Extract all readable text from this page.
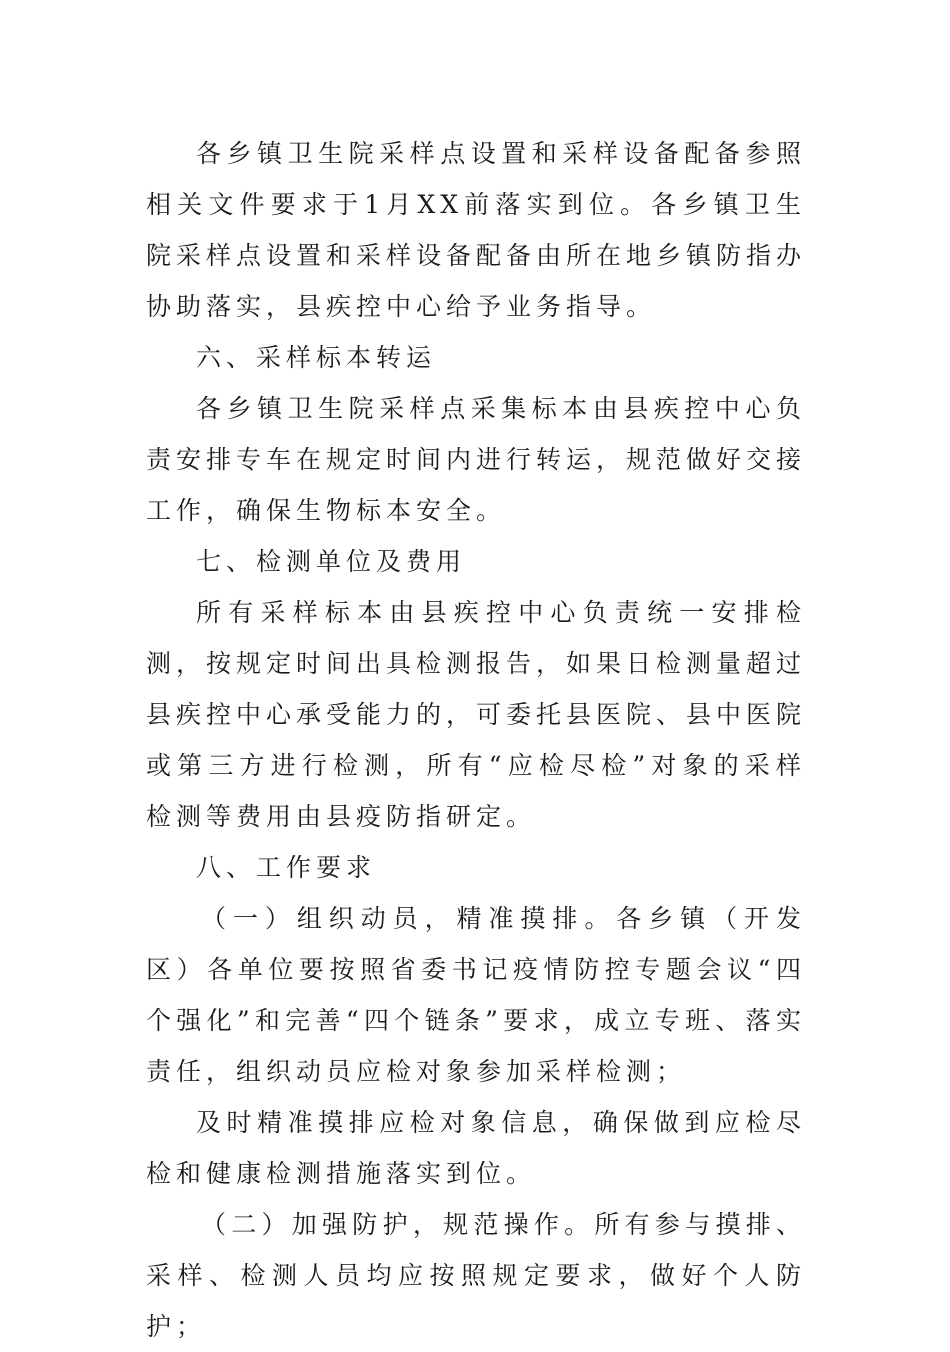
各乡镇卫生院采样点设置和采样设备配备参照相关文件要求于1月XX前落实到位。各乡镇卫生院采样点设置和采样设备配备由所在地乡镇防指办协助落实，县疾控中心给予业务指导。

六、采样标本转运

各乡镇卫生院采样点采集标本由县疾控中心负责安排专车在规定时间内进行转运，规范做好交接工作，确保生物标本安全。

七、检测单位及费用

所有采样标本由县疾控中心负责统一安排检测，按规定时间出具检测报告，如果日检测量超过县疾控中心承受能力的，可委托县医院、县中医院或第三方进行检测，所有“应检尽检”对象的采样检测等费用由县疫防指研定。

八、工作要求

（一）组织动员，精准摸排。各乡镇（开发区）各单位要按照省委书记疫情防控专题会议“四个强化”和完善“四个链条”要求，成立专班、落实责任，组织动员应检对象参加采样检测；

及时精准摸排应检对象信息，确保做到应检尽检和健康检测措施落实到位。

（二）加强防护，规范操作。所有参与摸排、采样、检测人员均应按照规定要求，做好个人防护；
